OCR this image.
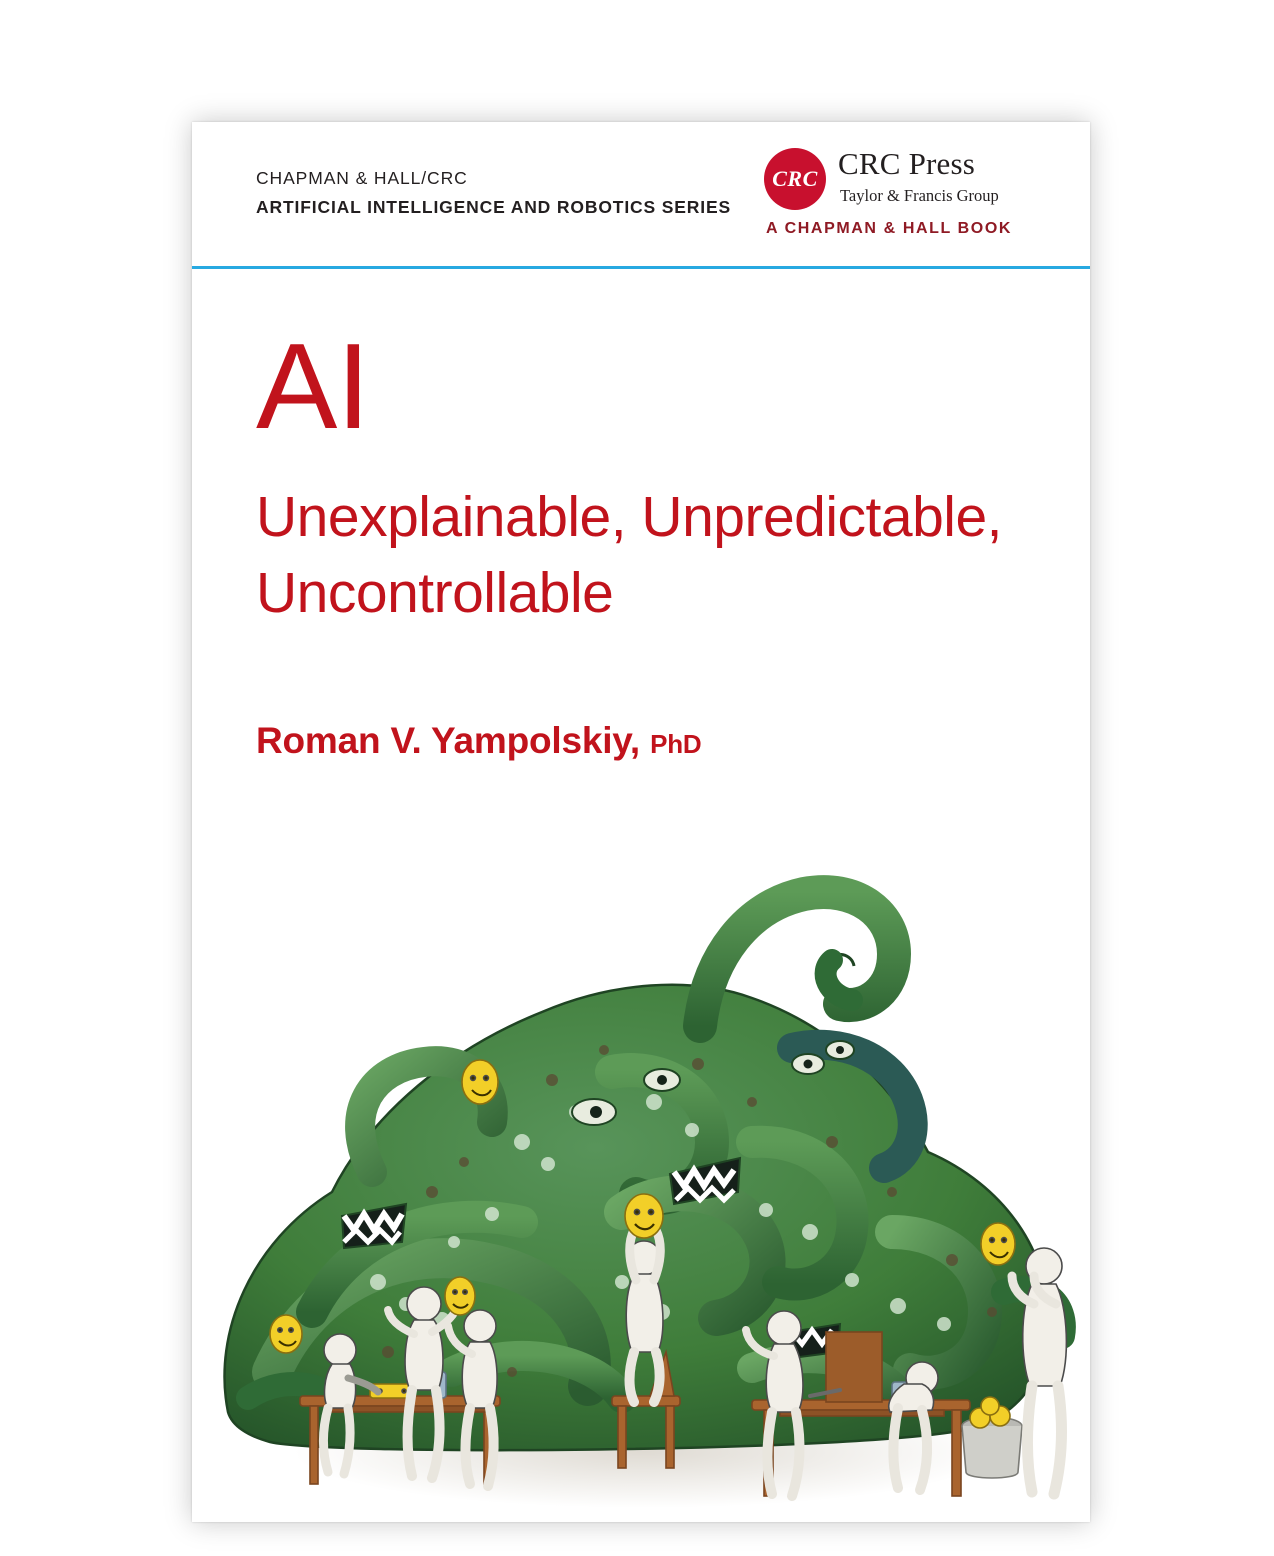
CHAPMAN & HALL/CRC
ARTIFICIAL INTELLIGENCE AND ROBOTICS SERIES
CRC CRC Press
Taylor & Francis Group
A CHAPMAN & HALL BOOK
AI
Unexplainable, Unpredictable, Uncontrollable
Roman V. Yampolskiy, PhD
